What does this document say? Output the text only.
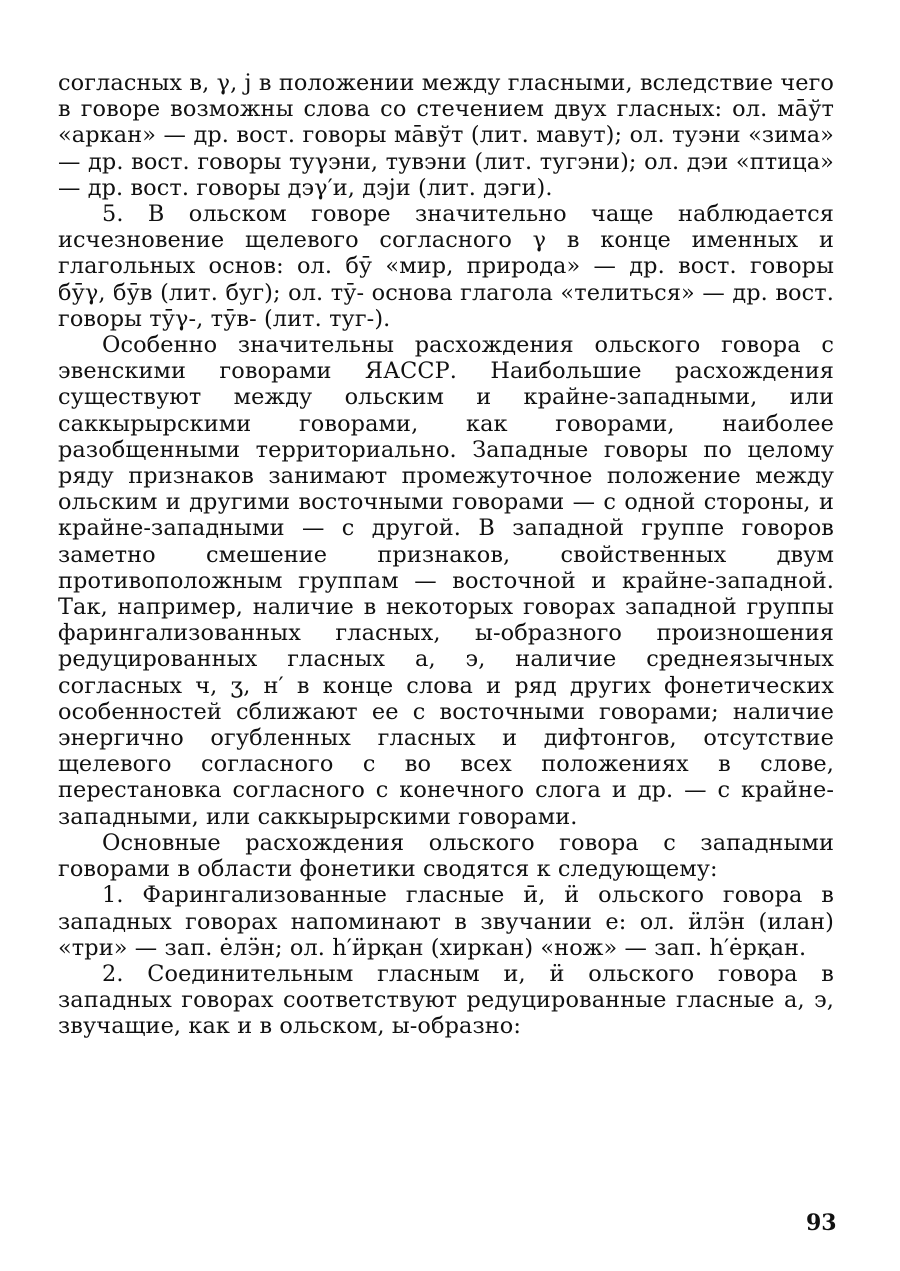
согласных в, γ, j в положении между гласными, вследствие чего в говоре возможны слова со стечением двух гласных: ол. мāўт «аркан» — др. вост. говоры мāвўт (лит. мавут); ол. туэни «зима» — др. вост. говоры туγэни, тувэни (лит. тугэни); ол. дэи «птица» — др. вост. говоры дэγ′и, дэjи (лит. дэги).

5. В ольском говоре значительно чаще наблюдается исчезновение щелевого согласного γ в конце именных и глагольных основ: ол. бӯ «мир, природа» — др. вост. говоры бӯγ, бӯв (лит. буг); ол. тӯ- основа глагола «телиться» — др. вост. говоры тӯγ-, тӯв- (лит. туг-).

Особенно значительны расхождения ольского говора с эвенскими говорами ЯАССР. Наибольшие расхождения существуют между ольским и крайне-западными, или саккырырскими говорами, как говорами, наиболее разобщенными территориально. Западные говоры по целому ряду признаков занимают промежуточное положение между ольским и другими восточными говорами — с одной стороны, и крайне-западными — с другой. В западной группе говоров заметно смешение признаков, свойственных двум противоположным группам — восточной и крайне-западной. Так, например, наличие в некоторых говорах западной группы фарингализованных гласных, ы-образного произношения редуцированных гласных а, э, наличие среднеязычных согласных ч, ʒ, н′ в конце слова и ряд других фонетических особенностей сближают ее с восточными говорами; наличие энергично огубленных гласных и дифтонгов, отсутствие щелевого согласного с во всех положениях в слове, перестановка согласного с конечного слога и др. — с крайне-западными, или саккырырскими говорами.

Основные расхождения ольского говора с западными говорами в области фонетики сводятся к следующему:

1. Фарингализованные гласные ӣ, ӥ ольского говора в западных говорах напоминают в звучании е: ол. ӥлӭн (илан) «три» — зап. ėлӭн; ол. һ′ӥрқан (хиркан) «нож» — зап. һ′ėрқан.

2. Соединительным гласным и, ӥ ольского говора в западных говорах соответствуют редуцированные гласные а, э, звучащие, как и в ольском, ы-образно:

93
